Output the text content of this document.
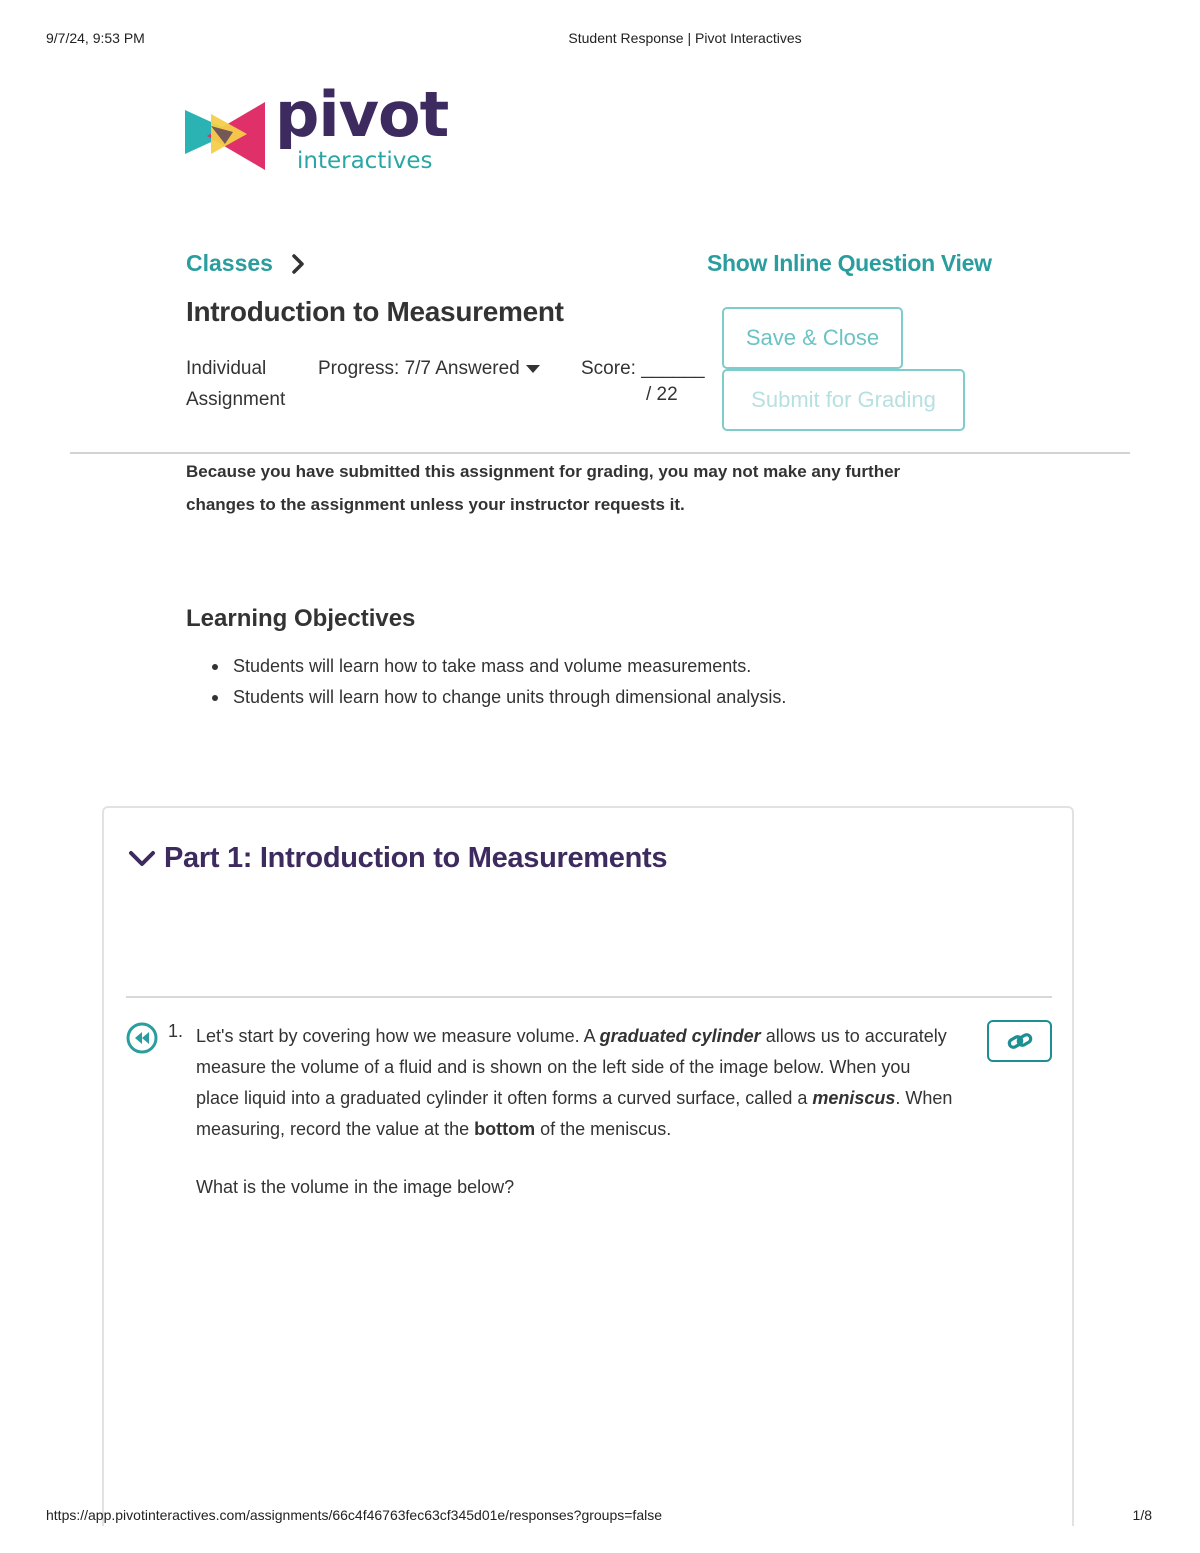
9/7/24, 9:53 PM	Student Response | Pivot Interactives
pivot
interactives
Classes	Show Inline Question View
Introduction to Measurement
Individual Assignment
Progress: 7/7 Answered	Score: ______
/ 22
Save & Close
Submit for Grading

Because you have submitted this assignment for grading, you may not make any further changes to the assignment unless your instructor requests it.

Learning Objectives
Students will learn how to take mass and volume measurements.
Students will learn how to change units through dimensional analysis.
Part 1: Introduction to Measurements
1. Let's start by covering how we measure volume. A graduated cylinder allows us to accurately measure the volume of a fluid and is shown on the left side of the image below. When you place liquid into a graduated cylinder it often forms a curved surface, called a meniscus. When measuring, record the value at the bottom of the meniscus.

What is the volume in the image below?

https://app.pivotinteractives.com/assignments/66c4f46763fec63cf345d01e/responses?groups=false	1/8
